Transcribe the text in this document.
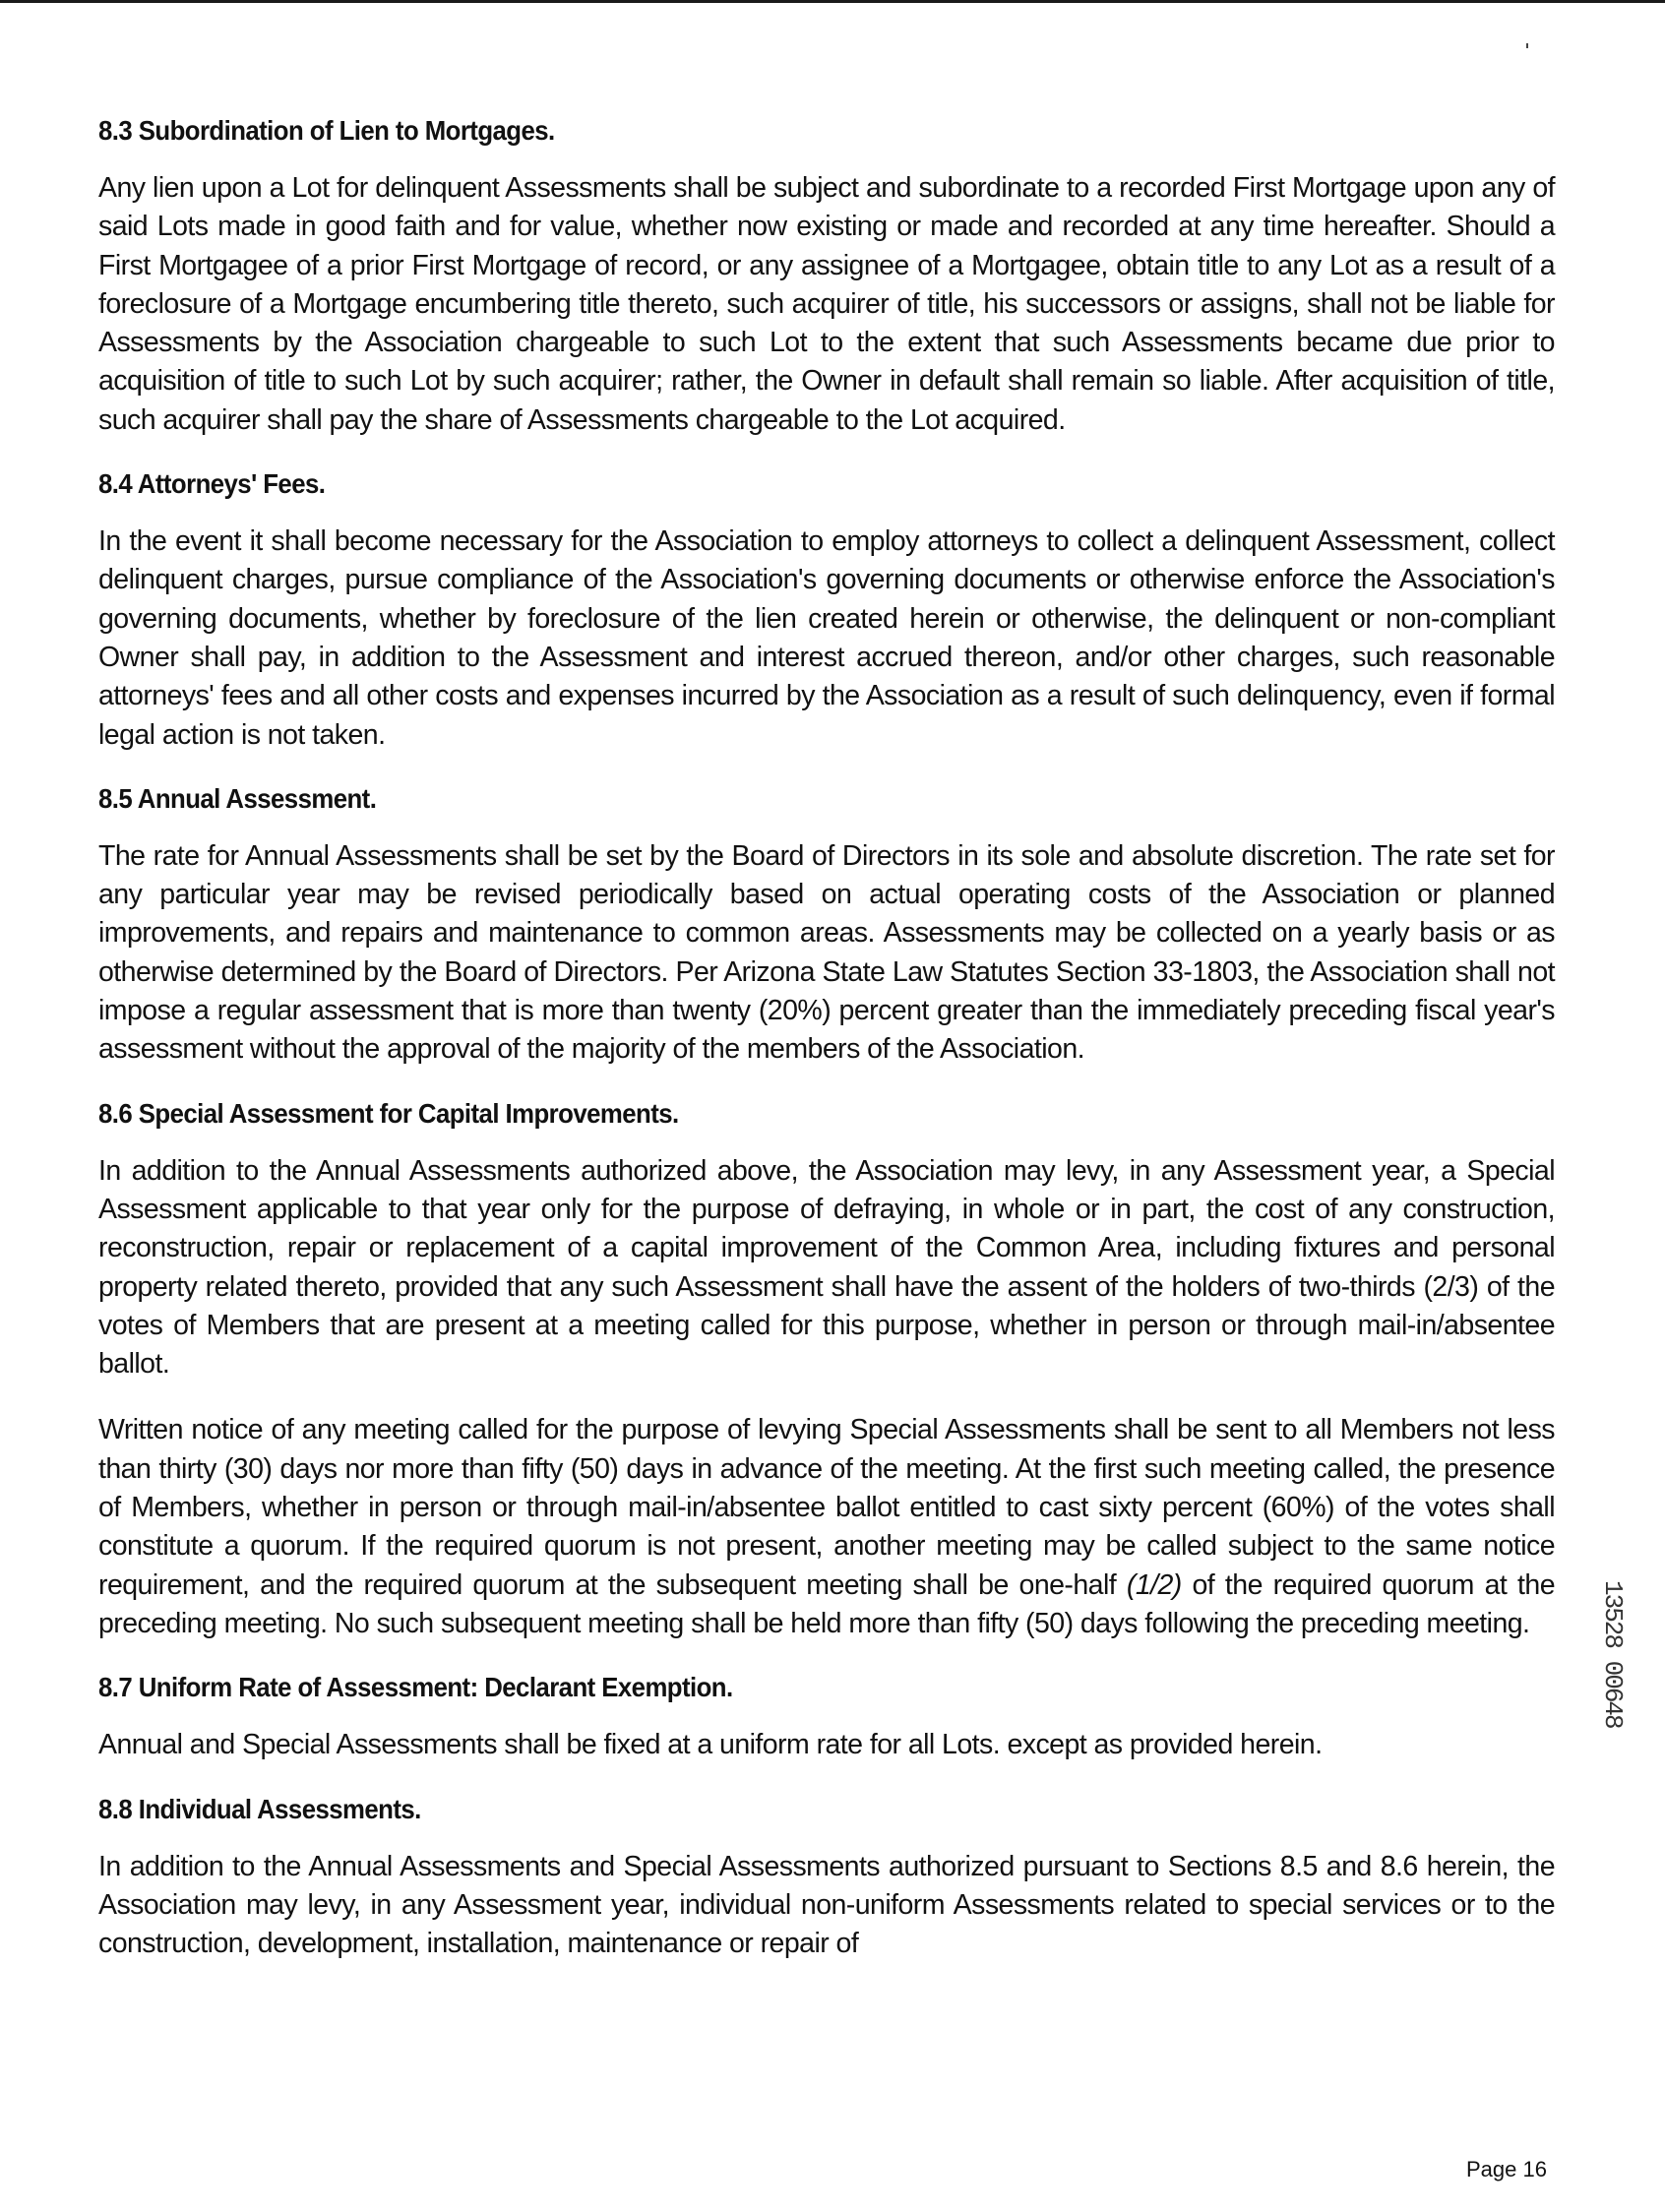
8.3 Subordination of Lien to Mortgages.

Any lien upon a Lot for delinquent Assessments shall be subject and subordinate to a recorded First Mortgage upon any of said Lots made in good faith and for value, whether now existing or made and recorded at any time hereafter. Should a First Mortgagee of a prior First Mortgage of record, or any assignee of a Mortgagee, obtain title to any Lot as a result of a foreclosure of a Mortgage encumbering title thereto, such acquirer of title, his successors or assigns, shall not be liable for Assessments by the Association chargeable to such Lot to the extent that such Assessments became due prior to acquisition of title to such Lot by such acquirer; rather, the Owner in default shall remain so liable. After acquisition of title, such acquirer shall pay the share of Assessments chargeable to the Lot acquired.

8.4 Attorneys' Fees.

In the event it shall become necessary for the Association to employ attorneys to collect a delinquent Assessment, collect delinquent charges, pursue compliance of the Association's governing documents or otherwise enforce the Association's governing documents, whether by foreclosure of the lien created herein or otherwise, the delinquent or non-compliant Owner shall pay, in addition to the Assessment and interest accrued thereon, and/or other charges, such reasonable attorneys' fees and all other costs and expenses incurred by the Association as a result of such delinquency, even if formal legal action is not taken.

8.5 Annual Assessment.

The rate for Annual Assessments shall be set by the Board of Directors in its sole and absolute discretion. The rate set for any particular year may be revised periodically based on actual operating costs of the Association or planned improvements, and repairs and maintenance to common areas. Assessments may be collected on a yearly basis or as otherwise determined by the Board of Directors. Per Arizona State Law Statutes Section 33-1803, the Association shall not impose a regular assessment that is more than twenty (20%) percent greater than the immediately preceding fiscal year's assessment without the approval of the majority of the members of the Association.

8.6 Special Assessment for Capital Improvements.

In addition to the Annual Assessments authorized above, the Association may levy, in any Assessment year, a Special Assessment applicable to that year only for the purpose of defraying, in whole or in part, the cost of any construction, reconstruction, repair or replacement of a capital improvement of the Common Area, including fixtures and personal property related thereto, provided that any such Assessment shall have the assent of the holders of two-thirds (2/3) of the votes of Members that are present at a meeting called for this purpose, whether in person or through mail-in/absentee ballot.

Written notice of any meeting called for the purpose of levying Special Assessments shall be sent to all Members not less than thirty (30) days nor more than fifty (50) days in advance of the meeting. At the first such meeting called, the presence of Members, whether in person or through mail-in/absentee ballot entitled to cast sixty percent (60%) of the votes shall constitute a quorum. If the required quorum is not present, another meeting may be called subject to the same notice requirement, and the required quorum at the subsequent meeting shall be one-half (1/2) of the required quorum at the preceding meeting. No such subsequent meeting shall be held more than fifty (50) days following the preceding meeting.

8.7 Uniform Rate of Assessment: Declarant Exemption.

Annual and Special Assessments shall be fixed at a uniform rate for all Lots. except as provided herein.

8.8 Individual Assessments.

In addition to the Annual Assessments and Special Assessments authorized pursuant to Sections 8.5 and 8.6 herein, the Association may levy, in any Assessment year, individual non-uniform Assessments related to special services or to the construction, development, installation, maintenance or repair of

13528 00648
Page 16
